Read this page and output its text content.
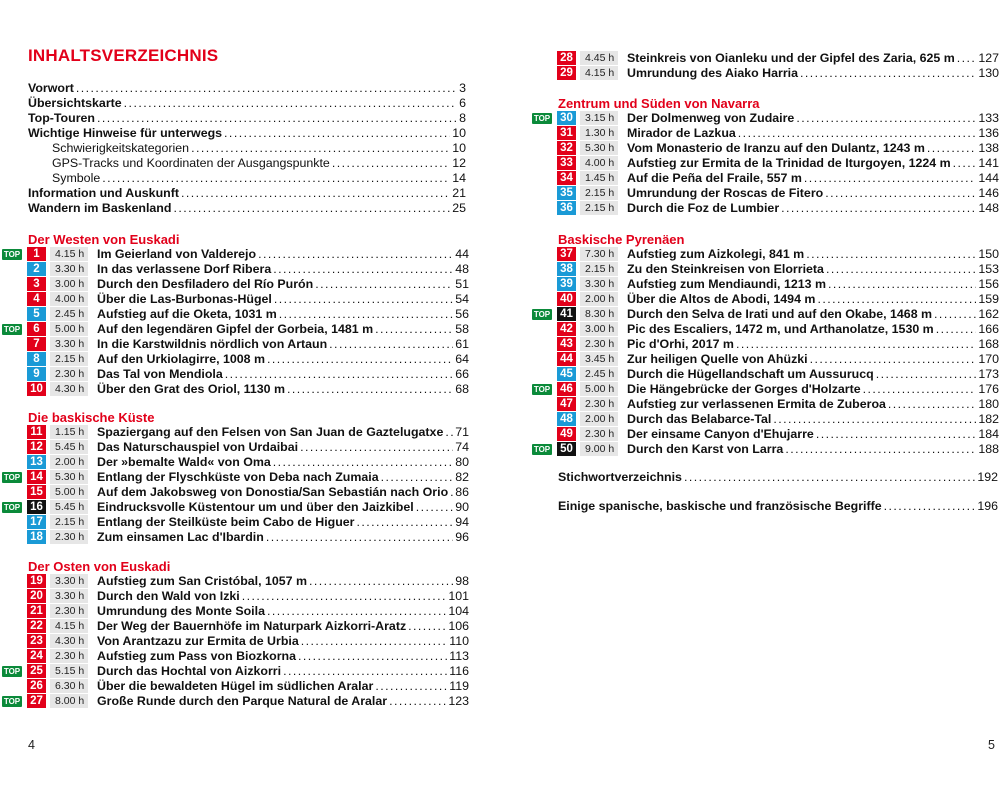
INHALTSVERZEICHNIS
Vorwort . . .	3
Übersichtskarte . . .	6
Top-Touren . . .	8
Wichtige Hinweise für unterwegs . . .	10
Schwierigkeitskategorien . . .	10
GPS-Tracks und Koordinaten der Ausgangspunkte . . .	12
Symbole . . .	14
Information und Auskunft . . .	21
Wandern im Baskenland . . .	25
Der Westen von Euskadi
TOP	1	4.15 h	Im Geierland von Valderejo . . .	44
2	3.30 h	In das verlassene Dorf Ribera . . .	48
3	3.00 h	Durch den Desfiladero del Río Purón . . .	51
4	4.00 h	Über die Las-Burbonas-Hügel . . .	54
5	2.45 h	Aufstieg auf die Oketa, 1031 m . . .	56
TOP	6	5.00 h	Auf den legendären Gipfel der Gorbeia, 1481 m . . .	58
7	3.30 h	In die Karstwildnis nördlich von Artaun . . .	61
8	2.15 h	Auf den Urkiolagirre, 1008 m . . .	64
9	2.30 h	Das Tal von Mendiola . . .	66
10	4.30 h	Über den Grat des Oriol, 1130 m . . .	68
Die baskische Küste
11	1.15 h	Spaziergang auf den Felsen von San Juan de Gaztelugatxe . . . 71
12	5.45 h	Das Naturschauspiel von Urdaibai . . .	74
13	2.00 h	Der »bemalte Wald« von Oma . . .	80
TOP 14	5.30 h	Entlang der Flyschküste von Deba nach Zumaia . . .	82
15	5.00 h	Auf dem Jakobsweg von Donostia/San Sebastián nach Orio . . . 86
TOP 16	5.45 h	Eindrucksvolle Küstentour um und über den Jaizkibel . . .	90
17	2.15 h	Entlang der Steilküste beim Cabo de Higuer . . .	94
18	2.30 h	Zum einsamen Lac d'Ibardin . . .	96
Der Osten von Euskadi
19	3.30 h	Aufstieg zum San Cristóbal, 1057 m . . .	98
20	3.30 h	Durch den Wald von Izki . . .	101
21	2.30 h	Umrundung des Monte Soila . . .	104
22	4.15 h	Der Weg der Bauernhöfe im Naturpark Aizkorri-Aratz . . .	106
23	4.30 h	Von Arantzazu zur Ermita de Urbia . . .	110
24	2.30 h	Aufstieg zum Pass von Biozkorna . . .	113
TOP 25	5.15 h	Durch das Hochtal von Aizkorri . . .	116
26	6.30 h	Über die bewaldeten Hügel im südlichen Aralar . . .	119
TOP 27	8.00 h	Große Runde durch den Parque Natural de Aralar . . .	123
28	4.45 h	Steinkreis von Oianleku und der Gipfel des Zaria, 625 m . . . 127
29	4.15 h	Umrundung des Aiako Harria . . .	130
Zentrum und Süden von Navarra
TOP 30	3.15 h	Der Dolmenweg von Zudaire . . .	133
31	1.30 h	Mirador de Lazkua . . .	136
32	5.30 h	Vom Monasterio de Iranzu auf den Dulantz, 1243 m . . .	138
33	4.00 h	Aufstieg zur Ermita de la Trinidad de Iturgoyen, 1224 m . . . 141
34	1.45 h	Auf die Peña del Fraile, 557 m . . .	144
35	2.15 h	Umrundung der Roscas de Fitero . . .	146
36	2.15 h	Durch die Foz de Lumbier . . .	148
Baskische Pyrenäen
37	7.30 h	Aufstieg zum Aizkolegi, 841 m . . .	150
38	2.15 h	Zu den Steinkreisen von Elorrieta . . .	153
39	3.30 h	Aufstieg zum Mendiaundi, 1213 m . . .	156
40	2.00 h	Über die Altos de Abodi, 1494 m . . .	159
TOP 41	8.30 h	Durch den Selva de Irati und auf den Okabe, 1468 m . . .	162
42	3.00 h	Pic des Escaliers, 1472 m, und Arthanolatze, 1530 m . . .	166
43	2.30 h	Pic d'Orhi, 2017 m . . .	168
44	3.45 h	Zur heiligen Quelle von Ahüzki . . .	170
45	2.45 h	Durch die Hügellandschaft um Aussurucq . . .	173
TOP 46	5.00 h	Die Hängebrücke der Gorges d'Holzarte . . .	176
47	2.30 h	Aufstieg zur verlassenen Ermita de Zuberoa . . .	180
48	2.00 h	Durch das Belabarce-Tal . . .	182
49	2.30 h	Der einsame Canyon d'Ehujarre . . .	184
TOP 50	9.00 h	Durch den Karst von Larra . . .	188
Stichwortverzeichnis . . .	192
Einige spanische, baskische und französische Begriffe . . .	196
4	5
